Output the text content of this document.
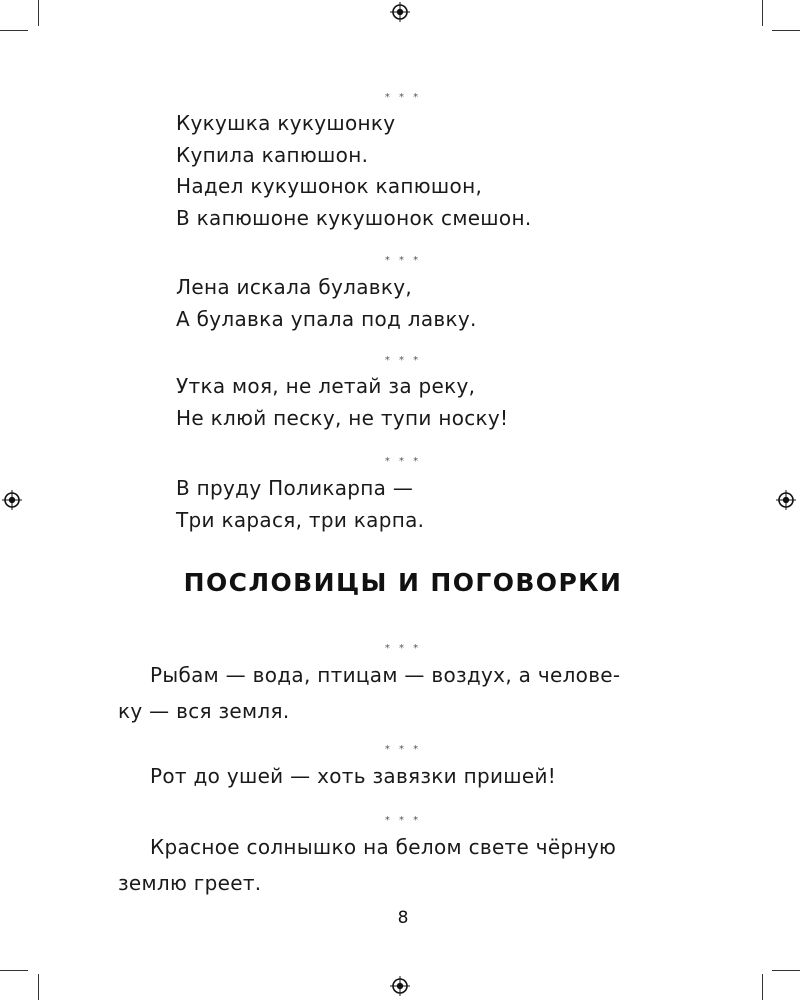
* * *

Кукушка кукушонку
Купила капюшон.
Надел кукушонок капюшон,
В капюшоне кукушонок смешон.

* * *

Лена искала булавку,
А булавка упала под лавку.

* * *

Утка моя, не летай за реку,
Не клюй песку, не тупи носку!

* * *

В пруду Поликарпа —
Три карася, три карпа.

ПОСЛОВИЦЫ И ПОГОВОРКИ
* * *

Рыбам — вода, птицам — воздух, а челове-
ку — вся земля.

* * *

Рот до ушей — хоть завязки пришей!

* * *

Красное солнышко на белом свете чёрную
землю греет.

8
